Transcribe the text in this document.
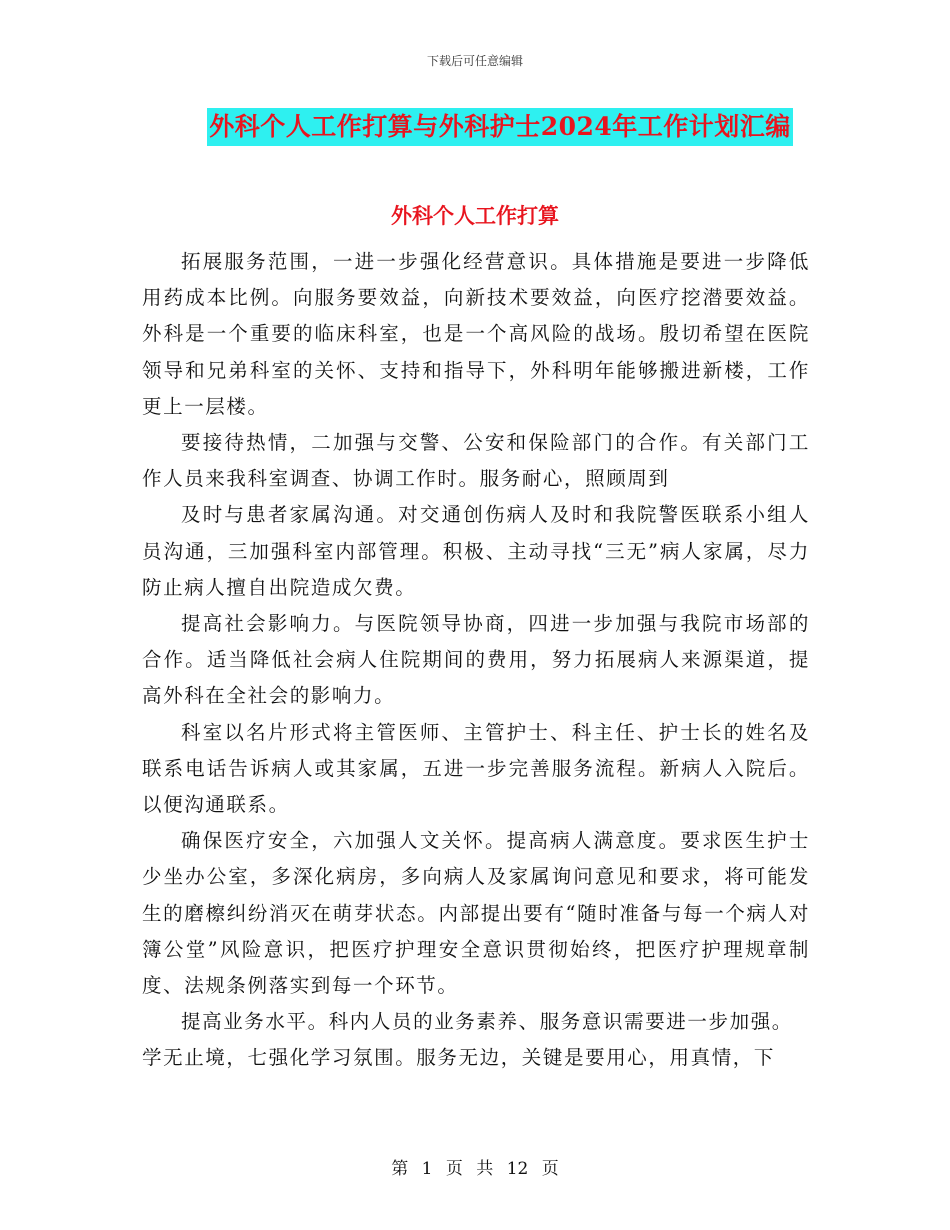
下载后可任意编辑
外科个人工作打算与外科护士2024年工作计划汇编
外科个人工作打算

拓展服务范围，一进一步强化经营意识。具体措施是要进一步降低用药成本比例。向服务要效益，向新技术要效益，向医疗挖潜要效益。外科是一个重要的临床科室，也是一个高风险的战场。殷切希望在医院领导和兄弟科室的关怀、支持和指导下，外科明年能够搬进新楼，工作更上一层楼。

要接待热情，二加强与交警、公安和保险部门的合作。有关部门工作人员来我科室调查、协调工作时。服务耐心，照顾周到

及时与患者家属沟通。对交通创伤病人及时和我院警医联系小组人员沟通，三加强科室内部管理。积极、主动寻找“三无”病人家属，尽力防止病人擅自出院造成欠费。

提高社会影响力。与医院领导协商，四进一步加强与我院市场部的合作。适当降低社会病人住院期间的费用，努力拓展病人来源渠道，提高外科在全社会的影响力。

科室以名片形式将主管医师、主管护士、科主任、护士长的姓名及联系电话告诉病人或其家属，五进一步完善服务流程。新病人入院后。以便沟通联系。

确保医疗安全，六加强人文关怀。提高病人满意度。要求医生护士少坐办公室，多深化病房，多向病人及家属询问意见和要求，将可能发生的磨檫纠纷消灭在萌芽状态。内部提出要有“随时准备与每一个病人对簿公堂”风险意识，把医疗护理安全意识贯彻始终，把医疗护理规章制度、法规条例落实到每一个环节。

提高业务水平。科内人员的业务素养、服务意识需要进一步加强。

学无止境，七强化学习氛围。服务无边，关键是要用心，用真情，下

第 1 页 共 12 页
